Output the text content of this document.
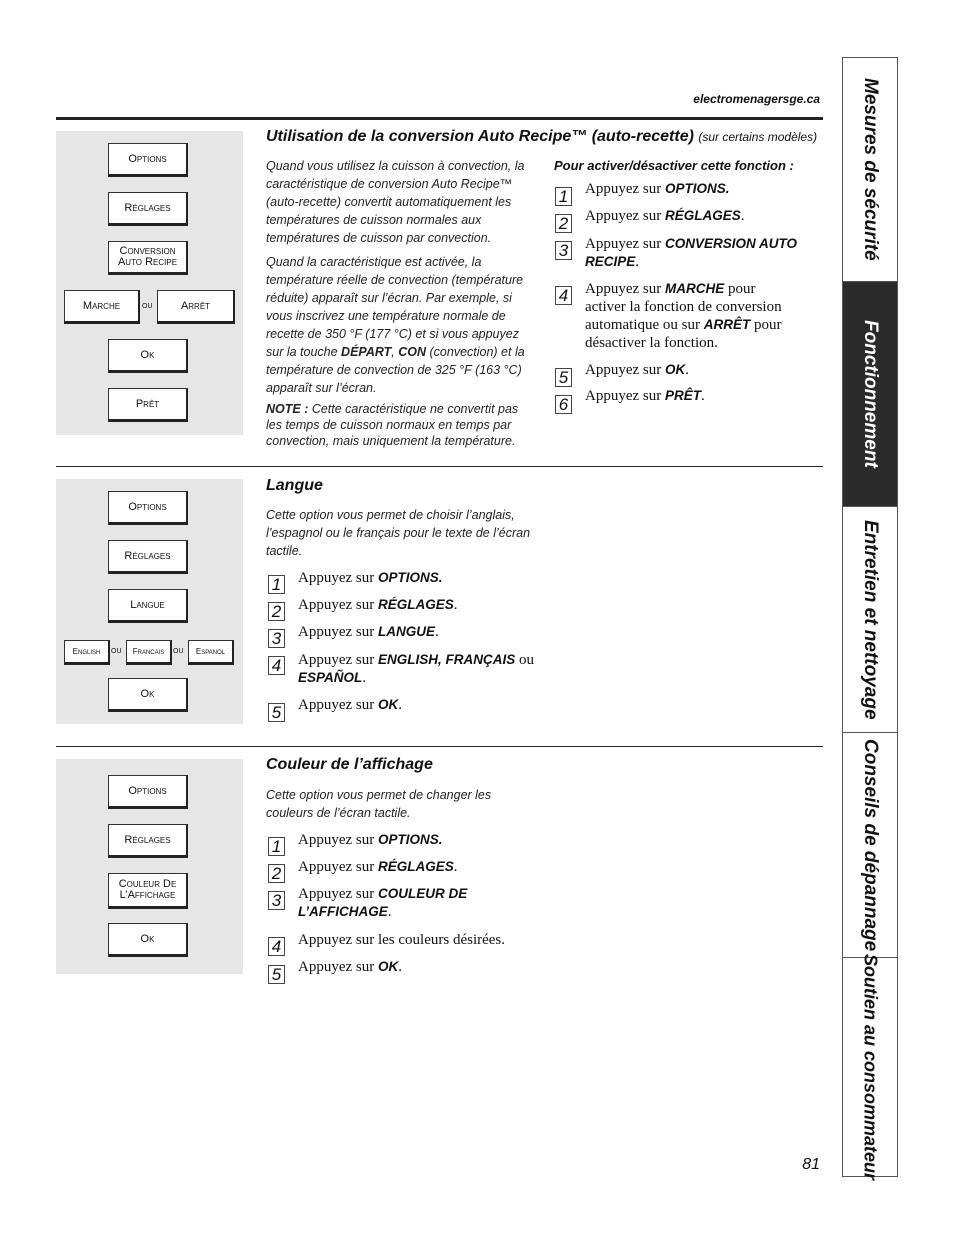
electromenagersge.ca
Options
Réglages
Conversion
Auto Recipe
Marche ou	Arrêt
Ok
Prêt
Utilisation de la conversion Auto Recipe™ (auto-recette) (sur certains modèles)
Quand vous utilisez la cuisson à convection, la caractéristique de conversion Auto Recipe™ (auto-recette) convertit automatiquement les températures de cuisson normales aux températures de cuisson par convection.
Quand la caractéristique est activée, la température réelle de convection (température réduite) apparaît sur l’écran. Par exemple, si vous inscrivez une température normale de recette de 350 °F (177 °C) et si vous appuyez sur la touche DÉPART, CON (convection) et la température de convection de 325 °F (163 °C) apparaît sur l’écran.
NOTE : Cette caractéristique ne convertit pas les temps de cuisson normaux en temps par convection, mais uniquement la température.
Pour activer/désactiver cette fonction :
1 Appuyez sur OPTIONS.
2 Appuyez sur RÉGLAGES.
3 Appuyez sur CONVERSION AUTO RECIPE.
4 Appuyez sur MARCHE pour activer la fonction de conversion automatique ou sur ARRÊT pour désactiver la fonction.
5 Appuyez sur OK.
6 Appuyez sur PRÊT.
Options
Réglages
Langue
English ou Francais ou Espanol
Ok
Langue
Cette option vous permet de choisir l’anglais, l’espagnol ou le français pour le texte de l’écran tactile.
1 Appuyez sur OPTIONS.
2 Appuyez sur RÉGLAGES.
3 Appuyez sur LANGUE.
4 Appuyez sur ENGLISH, FRANÇAIS ou ESPAÑOL.
5 Appuyez sur OK.
Options
Réglages
Couleur De
L’Affichage
Ok
Couleur de l’affichage
Cette option vous permet de changer les couleurs de l’écran tactile.
1 Appuyez sur OPTIONS.
2 Appuyez sur RÉGLAGES.
3 Appuyez sur COULEUR DE L’AFFICHAGE.
4 Appuyez sur les couleurs désirées.
5 Appuyez sur OK.
81
Mesures de sécurité
Fonctionnement
Entretien et nettoyage
Conseils de dépannage
Soutien au consommateur
